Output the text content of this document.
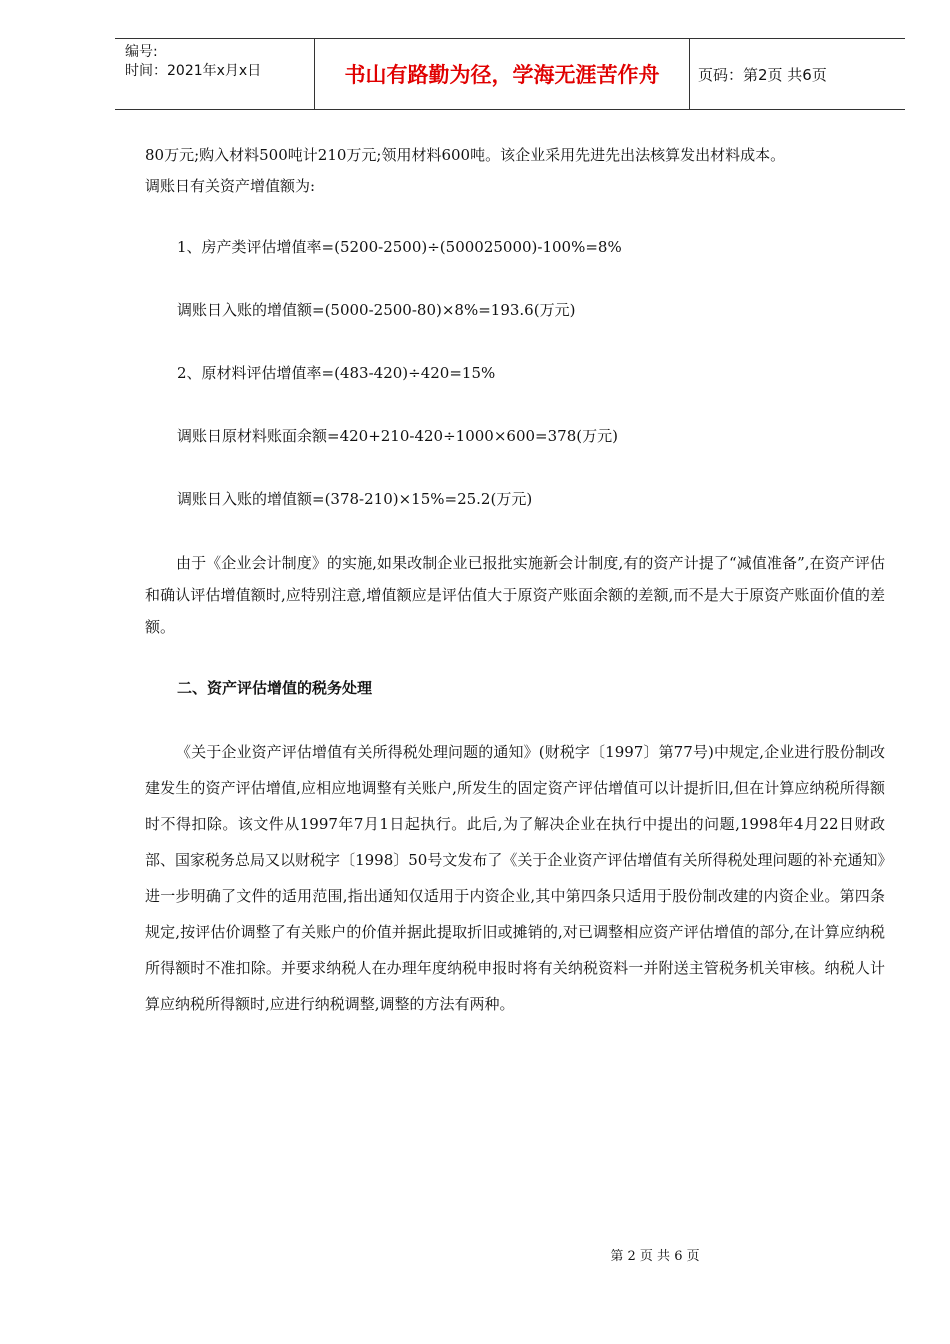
编号:
时间：2021年x月x日	书山有路勤为径，学海无涯苦作舟	页码：第2页 共6页

80万元;购入材料500吨计210万元;领用材料600吨。该企业采用先进先出法核算发出材料成本。

调账日有关资产增值额为:

1、房产类评估增值率=(5200-2500)÷(500025000)-100%=8%

调账日入账的增值额=(5000-2500-80)×8%=193.6(万元)

2、原材料评估增值率=(483-420)÷420=15%

调账日原材料账面余额=420+210-420÷1000×600=378(万元)

调账日入账的增值额=(378-210)×15%=25.2(万元)

由于《企业会计制度》的实施,如果改制企业已报批实施新会计制度,有的资产计提了“减值准备”,在资产评估和确认评估增值额时,应特别注意,增值额应是评估值大于原资产账面余额的差额,而不是大于原资产账面价值的差额。

二、资产评估增值的税务处理

《关于企业资产评估增值有关所得税处理问题的通知》(财税字〔1997〕第77号)中规定,企业进行股份制改建发生的资产评估增值,应相应地调整有关账户,所发生的固定资产评估增值可以计提折旧,但在计算应纳税所得额时不得扣除。该文件从1997年7月1日起执行。此后,为了解决企业在执行中提出的问题,1998年4月22日财政部、国家税务总局又以财税字〔1998〕50号文发布了《关于企业资产评估增值有关所得税处理问题的补充通知》进一步明确了文件的适用范围,指出通知仅适用于内资企业,其中第四条只适用于股份制改建的内资企业。第四条规定,按评估价调整了有关账户的价值并据此提取折旧或摊销的,对已调整相应资产评估增值的部分,在计算应纳税所得额时不准扣除。并要求纳税人在办理年度纳税申报时将有关纳税资料一并附送主管税务机关审核。纳税人计算应纳税所得额时,应进行纳税调整,调整的方法有两种。

第 2 页 共 6 页
